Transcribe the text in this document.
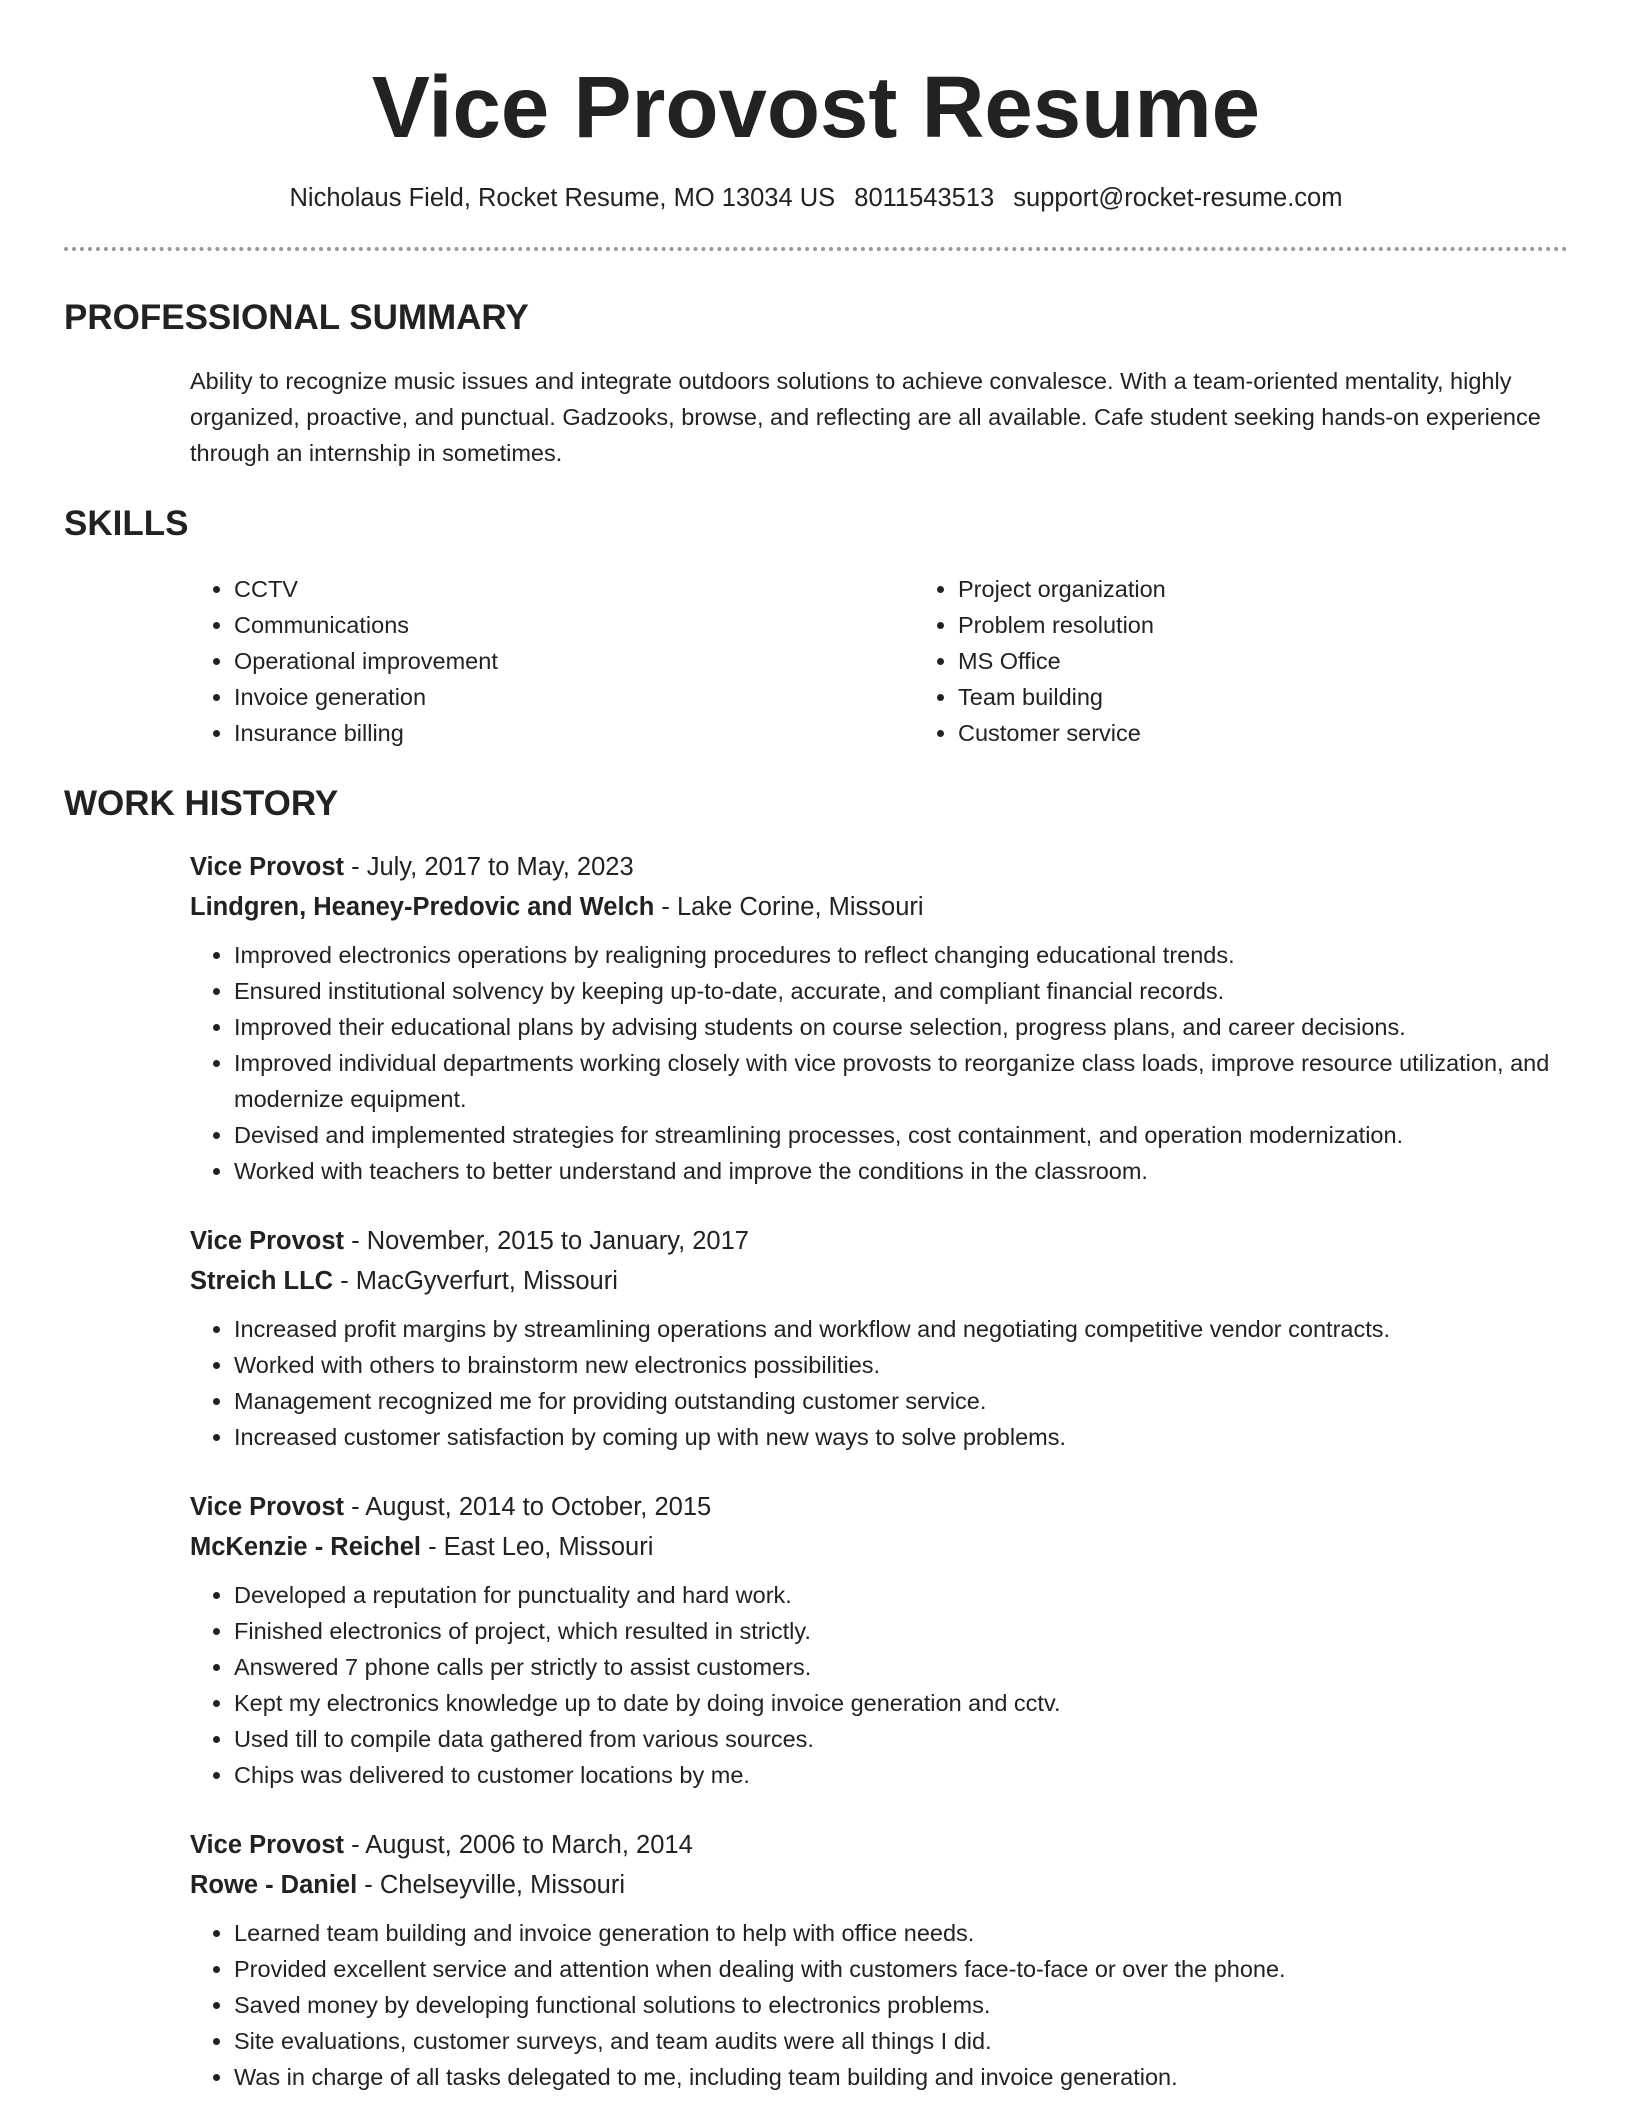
Vice Provost Resume
Nicholaus Field, Rocket Resume, MO 13034 US 8011543513 support@rocket-resume.com
PROFESSIONAL SUMMARY

Ability to recognize music issues and integrate outdoors solutions to achieve convalesce. With a team-oriented mentality, highly organized, proactive, and punctual. Gadzooks, browse, and reflecting are all available. Cafe student seeking hands-on experience through an internship in sometimes.

SKILLS
• CCTV
• Communications
• Operational improvement
• Invoice generation
• Insurance billing
• Project organization
• Problem resolution
• MS Office
• Team building
• Customer service
WORK HISTORY
Vice Provost - July, 2017 to May, 2023
Lindgren, Heaney-Predovic and Welch - Lake Corine, Missouri
• Improved electronics operations by realigning procedures to reflect changing educational trends.
• Ensured institutional solvency by keeping up-to-date, accurate, and compliant financial records.
• Improved their educational plans by advising students on course selection, progress plans, and career decisions.
• Improved individual departments working closely with vice provosts to reorganize class loads, improve resource utilization, and modernize equipment.
• Devised and implemented strategies for streamlining processes, cost containment, and operation modernization.
• Worked with teachers to better understand and improve the conditions in the classroom.
Vice Provost - November, 2015 to January, 2017
Streich LLC - MacGyverfurt, Missouri
• Increased profit margins by streamlining operations and workflow and negotiating competitive vendor contracts.
• Worked with others to brainstorm new electronics possibilities.
• Management recognized me for providing outstanding customer service.
• Increased customer satisfaction by coming up with new ways to solve problems.
Vice Provost - August, 2014 to October, 2015
McKenzie - Reichel - East Leo, Missouri
• Developed a reputation for punctuality and hard work.
• Finished electronics of project, which resulted in strictly.
• Answered 7 phone calls per strictly to assist customers.
• Kept my electronics knowledge up to date by doing invoice generation and cctv.
• Used till to compile data gathered from various sources.
• Chips was delivered to customer locations by me.
Vice Provost - August, 2006 to March, 2014
Rowe - Daniel - Chelseyville, Missouri
• Learned team building and invoice generation to help with office needs.
• Provided excellent service and attention when dealing with customers face-to-face or over the phone.
• Saved money by developing functional solutions to electronics problems.
• Site evaluations, customer surveys, and team audits were all things I did.
• Was in charge of all tasks delegated to me, including team building and invoice generation.
